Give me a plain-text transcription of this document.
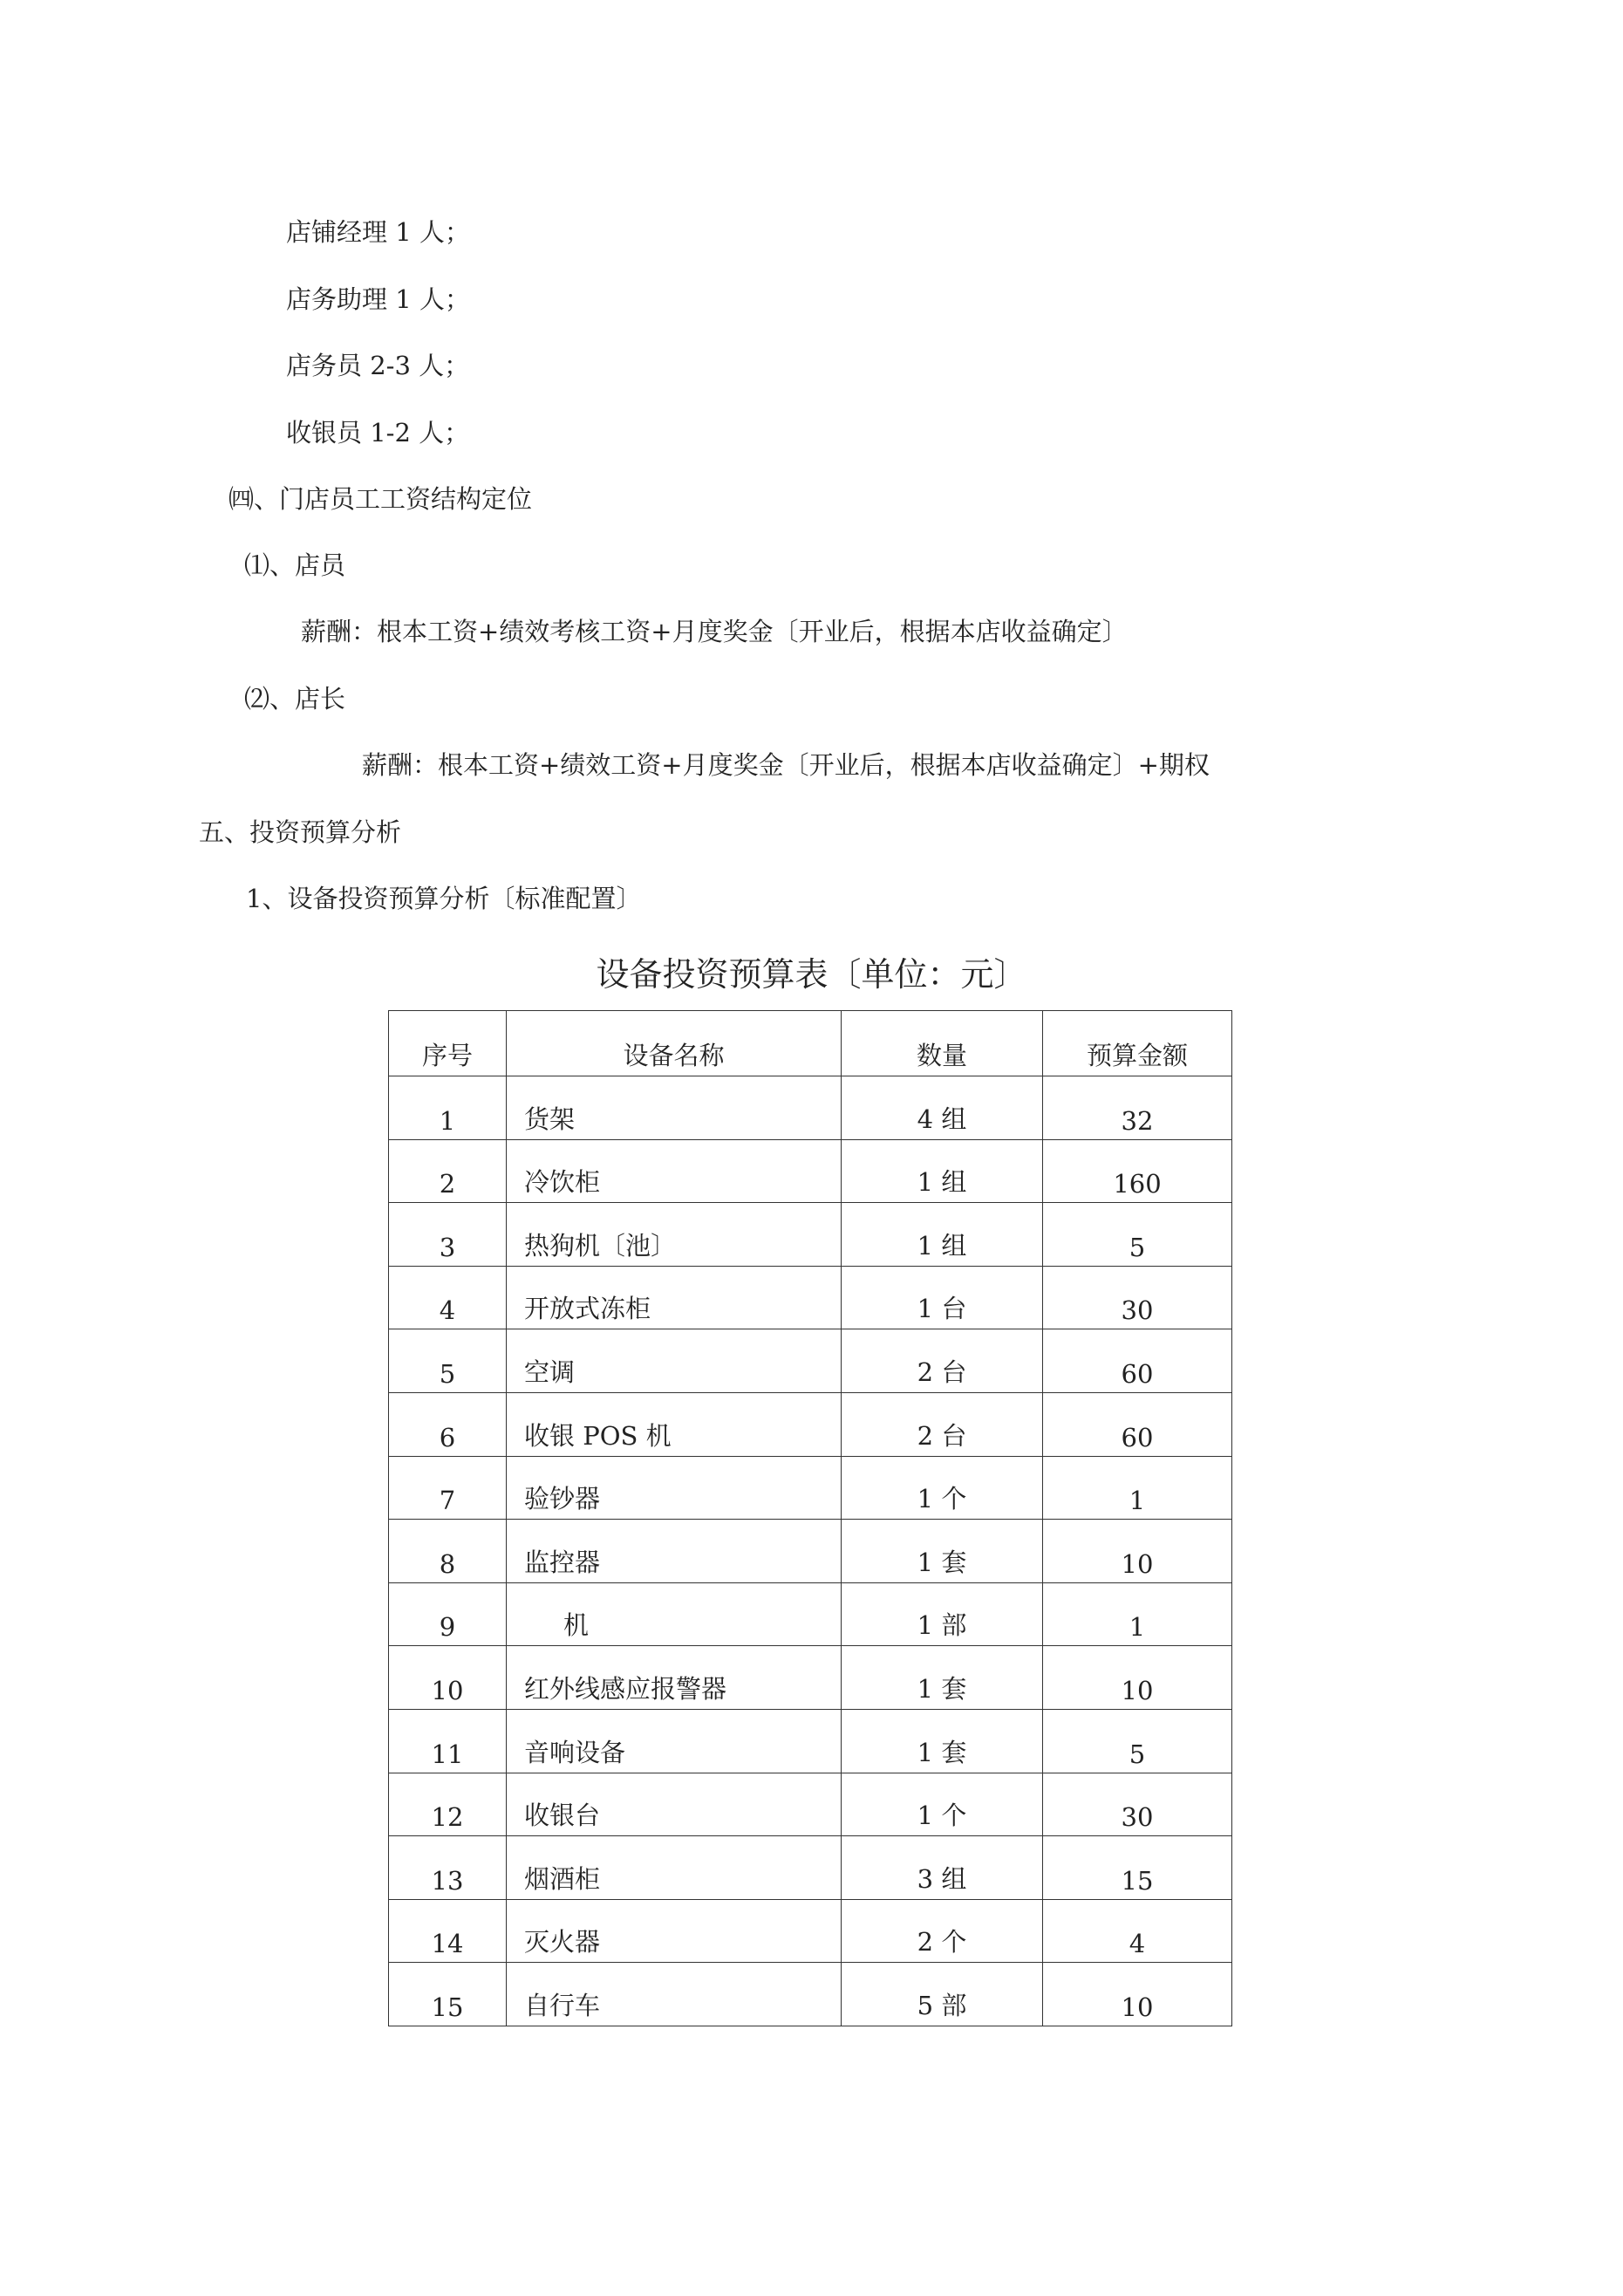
店铺经理 1 人；
店务助理 1 人；
店务员 2-3 人；
收银员 1-2 人；
㈣、门店员工工资结构定位
⑴、店员
薪酬：根本工资+绩效考核工资+月度奖金〔开业后，根据本店收益确定〕
⑵、店长
薪酬：根本工资+绩效工资+月度奖金〔开业后，根据本店收益确定〕+期权
五、投资预算分析
1、设备投资预算分析〔标准配置〕
设备投资预算表〔单位：元〕
序号	设备名称	数量	预算金额
1	货架	4 组	32
2	冷饮柜	1 组	160
3	热狗机〔池〕	1 组	5
4	开放式冻柜	1 台	30
5	空调	2 台	60
6	收银 POS 机	2 台	60
7	验钞器	1 个	1
8	监控器	1 套	10
9	机	1 部	1
10	红外线感应报警器	1 套	10
11	音响设备	1 套	5
12	收银台	1 个	30
13	烟酒柜	3 组	15
14	灭火器	2 个	4
15	自行车	5 部	10
